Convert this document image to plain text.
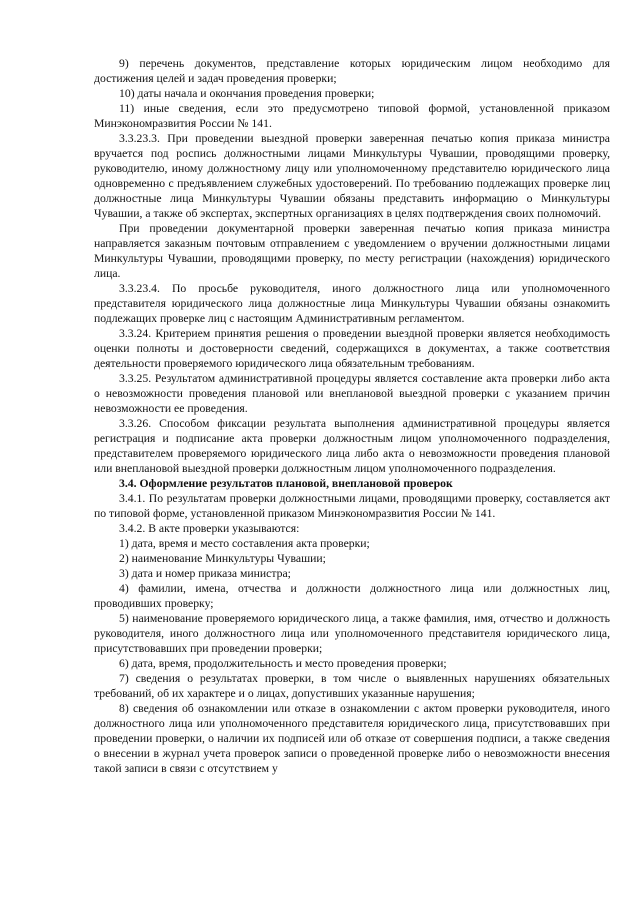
9) перечень документов, представление которых юридическим лицом необходимо для достижения целей и задач проведения проверки;

10) даты начала и окончания проведения проверки;

11) иные сведения, если это предусмотрено типовой формой, установленной приказом Минэкономразвития России № 141.

3.3.23.3. При проведении выездной проверки заверенная печатью копия приказа министра вручается под роспись должностными лицами Минкультуры Чувашии, проводящими проверку, руководителю, иному должностному лицу или уполномоченному представителю юридического лица одновременно с предъявлением служебных удостоверений. По требованию подлежащих проверке лиц должностные лица Минкультуры Чувашии обязаны представить информацию о Минкультуры Чувашии, а также об экспертах, экспертных организациях в целях подтверждения своих полномочий.

При проведении документарной проверки заверенная печатью копия приказа министра направляется заказным почтовым отправлением с уведомлением о вручении должностными лицами Минкультуры Чувашии, проводящими проверку, по месту регистрации (нахождения) юридического лица.

3.3.23.4. По просьбе руководителя, иного должностного лица или уполномоченного представителя юридического лица должностные лица Минкультуры Чувашии обязаны ознакомить подлежащих проверке лиц с настоящим Административным регламентом.

3.3.24. Критерием принятия решения о проведении выездной проверки является необходимость оценки полноты и достоверности сведений, содержащихся в документах, а также соответствия деятельности проверяемого юридического лица обязательным требованиям.

3.3.25. Результатом административной процедуры является составление акта проверки либо акта о невозможности проведения плановой или внеплановой выездной проверки с указанием причин невозможности ее проведения.

3.3.26. Способом фиксации результата выполнения административной процедуры является регистрация и подписание акта проверки должностным лицом уполномоченного подразделения, представителем проверяемого юридического лица либо акта о невозможности проведения плановой или внеплановой выездной проверки должностным лицом уполномоченного подразделения.

3.4. Оформление результатов плановой, внеплановой проверок

3.4.1. По результатам проверки должностными лицами, проводящими проверку, составляется акт по типовой форме, установленной приказом Минэкономразвития России № 141.

3.4.2. В акте проверки указываются:

1) дата, время и место составления акта проверки;

2) наименование Минкультуры Чувашии;

3) дата и номер приказа министра;

4) фамилии, имена, отчества и должности должностного лица или должностных лиц, проводивших проверку;

5) наименование проверяемого юридического лица, а также фамилия, имя, отчество и должность руководителя, иного должностного лица или уполномоченного представителя юридического лица, присутствовавших при проведении проверки;

6) дата, время, продолжительность и место проведения проверки;

7) сведения о результатах проверки, в том числе о выявленных нарушениях обязательных требований, об их характере и о лицах, допустивших указанные нарушения;

8) сведения об ознакомлении или отказе в ознакомлении с актом проверки руководителя, иного должностного лица или уполномоченного представителя юридического лица, присутствовавших при проведении проверки, о наличии их подписей или об отказе от совершения подписи, а также сведения о внесении в журнал учета проверок записи о проведенной проверке либо о невозможности внесения такой записи в связи с отсутствием у
